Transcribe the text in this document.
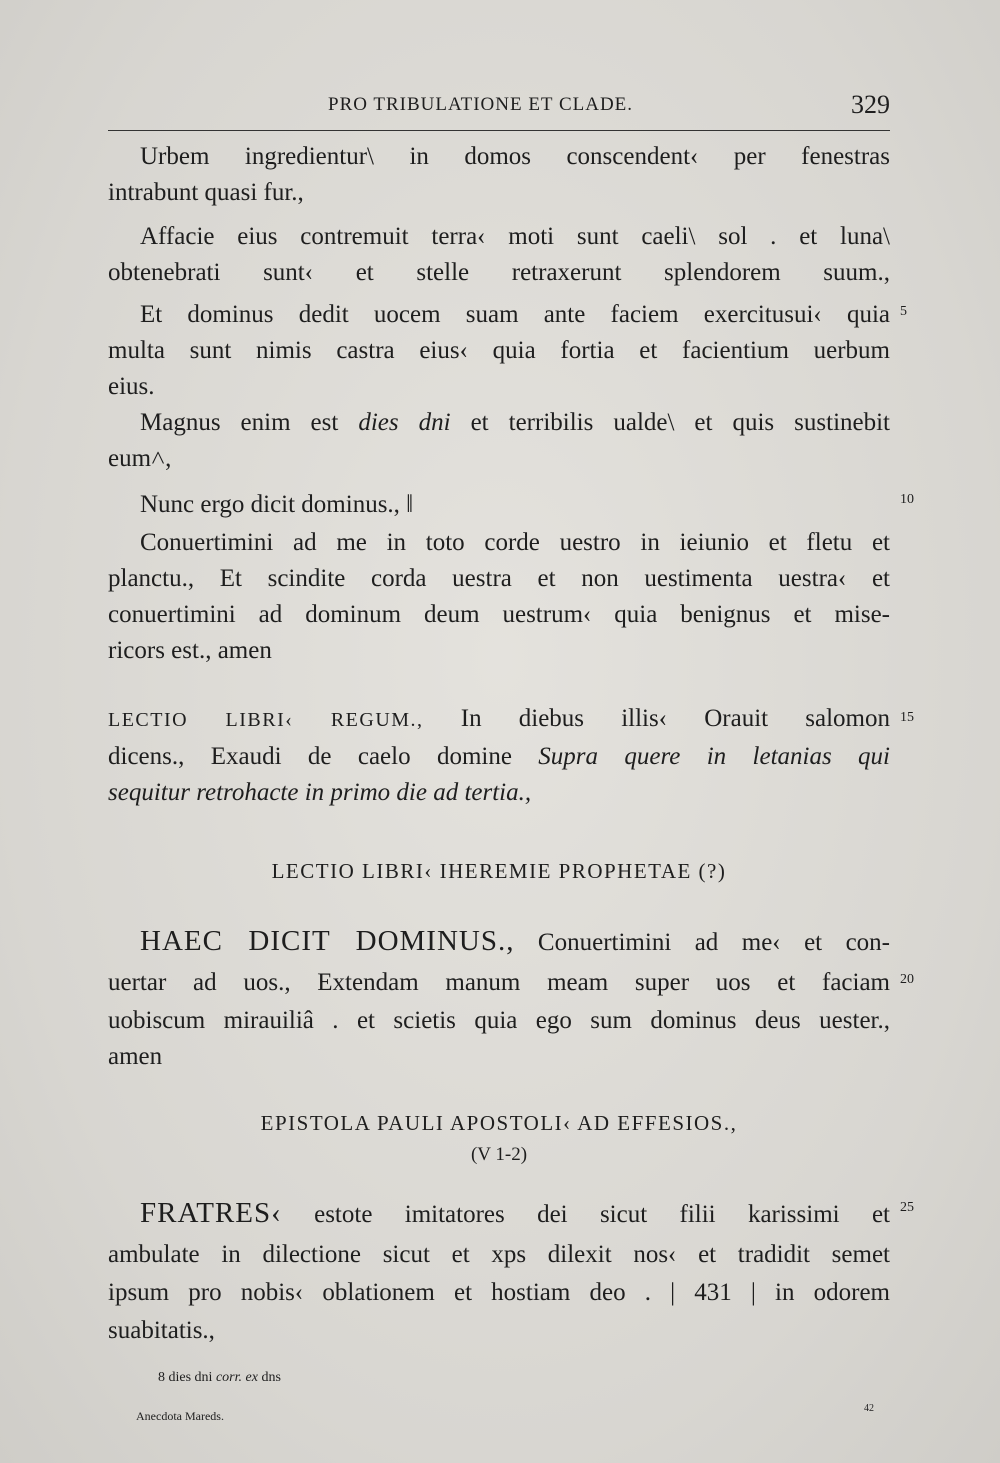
PRO TRIBULATIONE ET CLADE.	329
Urbem ingredientur\ in domos conscendent‹ per fenestras
intrabunt quasi fur.,
Affacie eius contremuit terra‹ moti sunt caeli\ sol . et luna\
obtenebrati sunt‹ et stelle retraxerunt splendorem suum.,
Et dominus dedit uocem suam ante faciem exercitusui‹ quia
multa sunt nimis castra eius‹ quia fortia et facientium uerbum
eius.
Magnus enim est dies dni et terribilis ualde\ et quis sustinebit
eum˄,
Nunc ergo dicit dominus., ‖
Conuertimini ad me in toto corde uestro in ieiunio et fletu et
planctu., Et scindite corda uestra et non uestimenta uestra‹ et
conuertimini ad dominum deum uestrum‹ quia benignus et mise-
ricors est., amen
LECTIO LIBRI‹ REGUM., In diebus illis‹ Orauit salomon
dicens., Exaudi de caelo domine Supra quere in letanias qui
sequitur retrohacte in primo die ad tertia.,
LECTIO LIBRI‹ IHEREMIE PROPHETAE (?)
HAEC DICIT DOMINUS., Conuertimini ad me‹ et con-
uertar ad uos., Extendam manum meam super uos et faciam
uobiscum mirauiliâ . et scietis quia ego sum dominus deus uester.,
amen
EPISTOLA PAULI APOSTOLI‹ AD EFFESIOS.,
(V 1-2)
FRATRES‹ estote imitatores dei sicut filii karissimi et
ambulate in dilectione sicut et xps dilexit nos‹ et tradidit semet
ipsum pro nobis‹ oblationem et hostiam deo . | 431 | in odorem
suabitatis.,
5
10
15
20
25
8 dies dni corr. ex dns
Anecdota Mareds.
42
